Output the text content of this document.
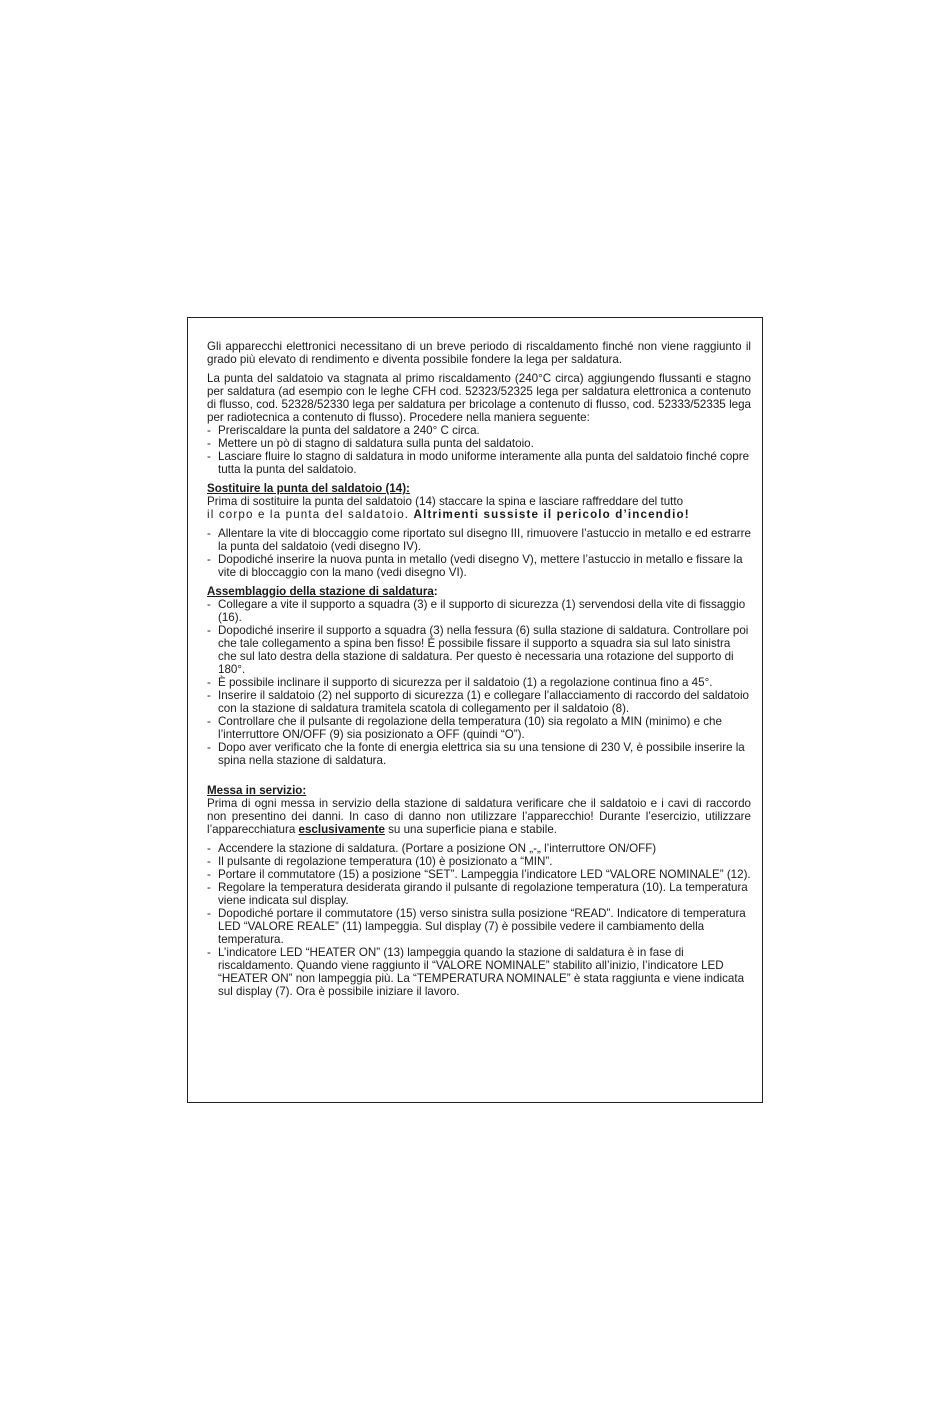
Gli apparecchi elettronici necessitano di un breve periodo di riscaldamento finché non viene raggiunto il grado più elevato di rendimento e diventa possibile fondere la lega per saldatura.

La punta del saldatoio va stagnata al primo riscaldamento (240°C circa) aggiungendo flussanti e stagno per saldatura (ad esempio con le leghe CFH cod. 52323/52325 lega per saldatura elettronica a contenuto di flusso, cod. 52328/52330 lega per saldatura per bricolage a contenuto di flusso, cod. 52333/52335 lega per radiotecnica a contenuto di flusso). Procedere nella maniera seguente:

- Preriscaldare la punta del saldatore a 240° C circa.
- Mettere un pò di stagno di saldatura sulla punta del saldatoio.
- Lasciare fluire lo stagno di saldatura in modo uniforme interamente alla punta del saldatoio finché copre tutta la punta del saldatoio.

Sostituire la punta del saldatoio (14):

Prima di sostituire la punta del saldatoio (14) staccare la spina e lasciare raffreddare del tutto

il corpo e la punta del saldatoio. Altrimenti sussiste il pericolo d’incendio!

- Allentare la vite di bloccaggio come riportato sul disegno III, rimuovere l’astuccio in metallo e ed estrarre la punta del saldatoio (vedi disegno IV).
- Dopodiché inserire la nuova punta in metallo (vedi disegno V), mettere l’astuccio in metallo e fissare la vite di bloccaggio con la mano (vedi disegno VI).

Assemblaggio della stazione di saldatura:

- Collegare a vite il supporto a squadra (3) e il supporto di sicurezza (1) servendosi della vite di fissaggio (16).
- Dopodiché inserire il supporto a squadra (3) nella fessura (6) sulla stazione di saldatura. Controllare poi che tale collegamento a spina ben fisso! È possibile fissare il supporto a squadra sia sul lato sinistra che sul lato destra della stazione di saldatura. Per questo è necessaria una rotazione del supporto di 180°.
- È possibile inclinare il supporto di sicurezza per il saldatoio (1) a regolazione continua fino a 45°.
- Inserire il saldatoio (2) nel supporto di sicurezza (1) e collegare l’allacciamento di raccordo del saldatoio con la stazione di saldatura tramitela scatola di collegamento per il saldatoio (8).
- Controllare che il pulsante di regolazione della temperatura (10) sia regolato a MIN (minimo) e che l’interruttore ON/OFF (9) sia posizionato a OFF (quindi “O”).
- Dopo aver verificato che la fonte di energia elettrica sia su una tensione di 230 V, è possibile inserire la spina nella stazione di saldatura.

Messa in servizio:

Prima di ogni messa in servizio della stazione di saldatura verificare che il saldatoio e i cavi di raccordo non presentino dei danni. In caso di danno non utilizzare l’apparecchio! Durante l’esercizio, utilizzare l’apparecchiatura esclusivamente su una superficie piana e stabile.

- Accendere la stazione di saldatura. (Portare a posizione ON „-„ l’interruttore ON/OFF)
- Il pulsante di regolazione temperatura (10) è posizionato a “MIN”.
- Portare il commutatore (15) a posizione “SET”. Lampeggia l’indicatore LED “VALORE NOMINALE” (12).
- Regolare la temperatura desiderata girando il pulsante di regolazione temperatura (10). La temperatura viene indicata sul display.
- Dopodiché portare il commutatore (15) verso sinistra sulla posizione “READ”. Indicatore di temperatura LED “VALORE REALE” (11) lampeggia. Sul display (7) è possibile vedere il cambiamento della temperatura.
- L’indicatore LED “HEATER ON” (13) lampeggia quando la stazione di saldatura è in fase di riscaldamento. Quando viene raggiunto il “VALORE NOMINALE” stabilito all’inizio, l’indicatore LED “HEATER ON” non lampeggia più. La “TEMPERATURA NOMINALE” è stata raggiunta e viene indicata sul display (7). Ora è possibile iniziare il lavoro.
